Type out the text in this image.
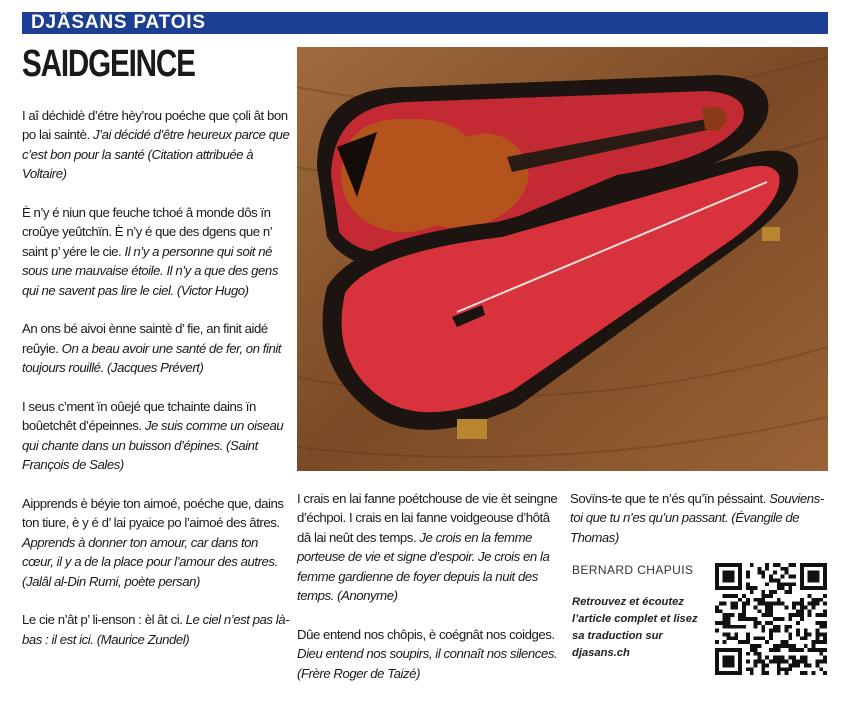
DJÂSANS PATOIS
SAIDGEINCE

I aî déchidè d’étre hèy’rou poéche que çoli ât bon po lai saintè. J’ai décidé d’être heureux parce que c’est bon pour la santé (Citation attribuée à Voltaire)

È n’y é niun que feuche tchoé â monde dôs ïn croûye yeûtchïn. È n’y é que des dgens que n’ saint p’ yére le cie. Il n’y a personne qui soit né sous une mauvaise étoile. Il n’y a que des gens qui ne savent pas lire le ciel. (Victor Hugo)

An ons bé aivoi ènne saintè d’ fie, an finit aidé reûyie. On a beau avoir une santé de fer, on finit toujours rouillé. (Jacques Prévert)

I seus c’ment ïn oûejé que tchainte dains ïn boûetchêt d’épeinnes. Je suis comme un oiseau qui chante dans un buisson d’épines. (Saint François de Sales)

Aipprends è béyie ton aimoé, poéche que, dains ton tiure, è y é d’ lai pyaice po l’aimoé des âtres. Apprends à donner ton amour, car dans ton cœur, il y a de la place pour l’amour des autres. (Jalâl al-Din Rumi, poète persan)

Le cie n’ât p’ li-enson : èl ât ci. Le ciel n’est pas là-bas : il est ici. (Maurice Zundel)

I crais en lai fanne poétchouse de vie èt seingne d’échpoi. I crais en lai fanne voidgeouse d’hôtâ dâ lai neût des temps. Je crois en la femme porteuse de vie et signe d’espoir. Je crois en la femme gardienne de foyer depuis la nuit des temps. (Anonyme)

Dûe entend nos chôpis, è coégnât nos coidges. Dieu entend nos soupirs, il connaît nos silences. (Frère Roger de Taizé)

Sovïns-te que te n’és qu’ïn péssaint. Souviens-toi que tu n’es qu’un passant. (Évangile de Thomas)

BERNARD CHAPUIS
Retrouvez et écoutez l’article complet et lisez sa traduction sur djasans.ch
